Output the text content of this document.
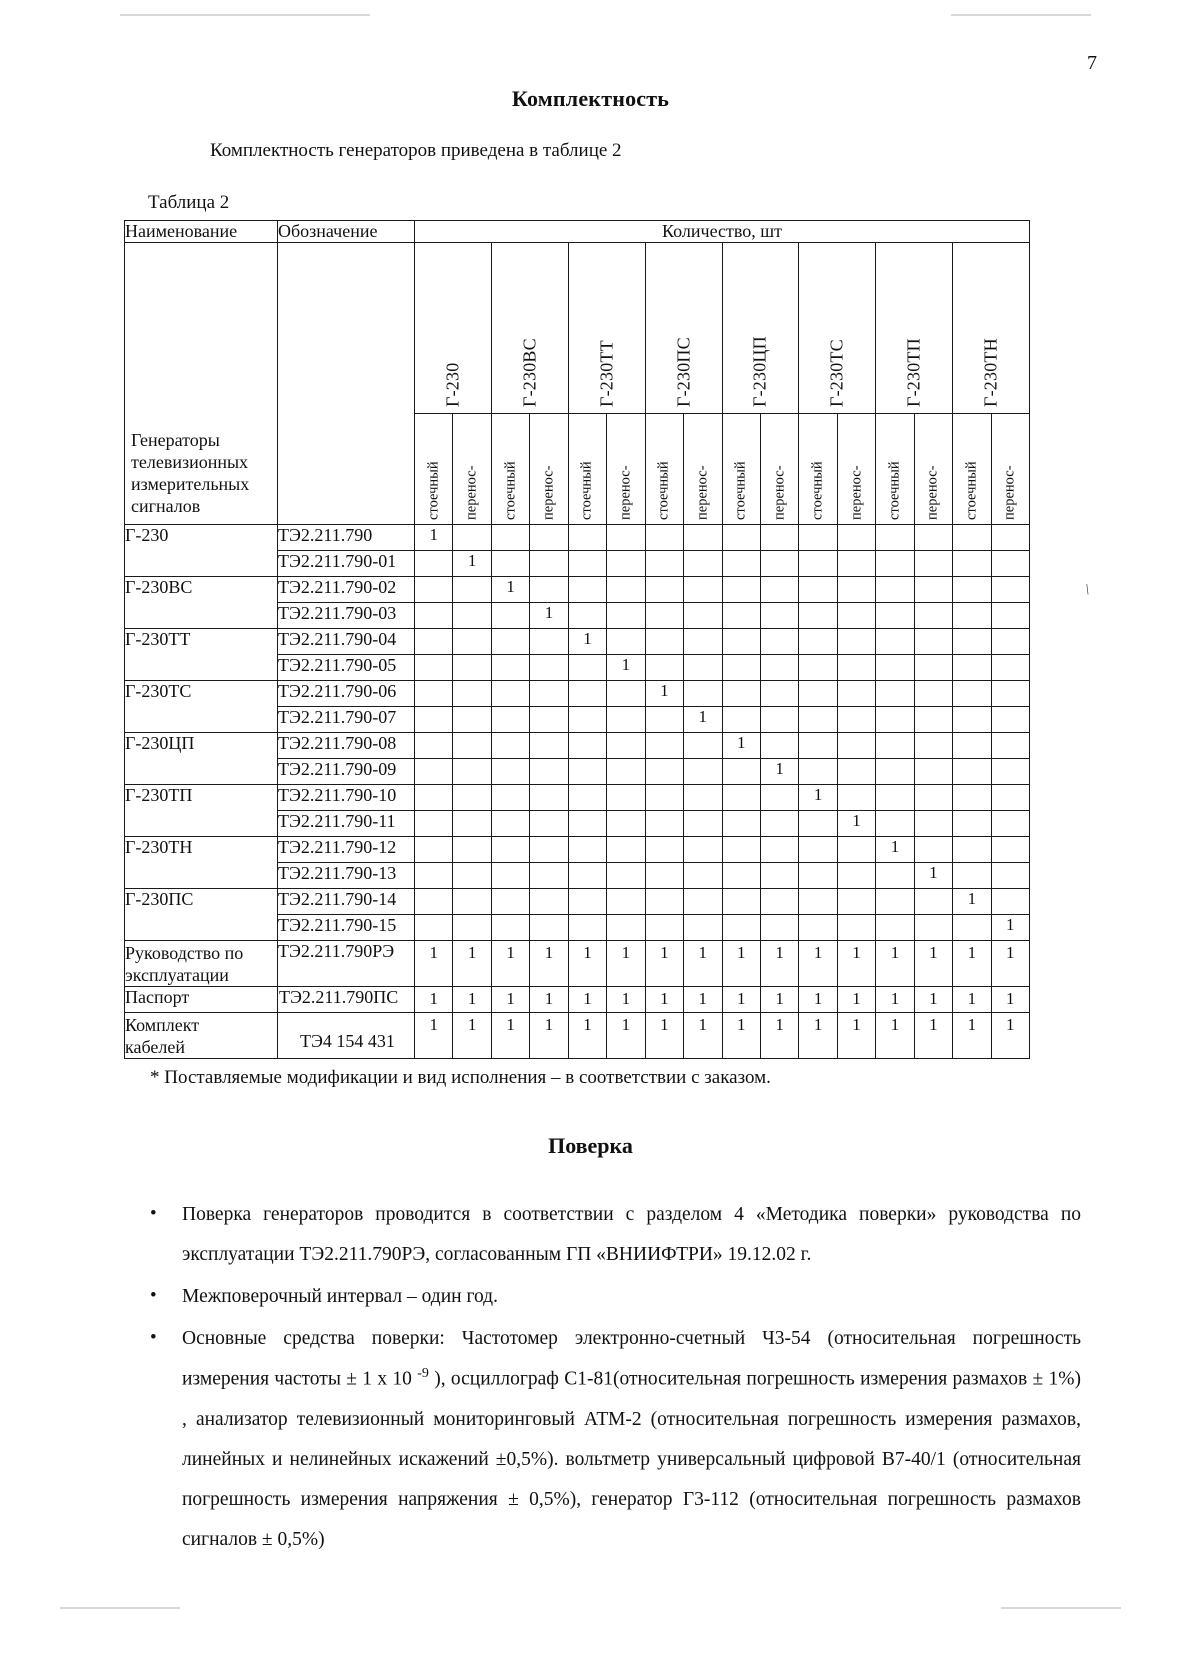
7
Комплектность

Комплектность генераторов приведена в таблице 2

Таблица 2

Наименование	Обозначение	Количество, шт															

Генераторы
телевизионных
измерительных
сигналов		Г-230		Г-230ВС		Г-230ТТ		Г-230ПС		Г-230ЦП		Г-230ТС		Г-230ТП		Г-230ТН	

		стоечный	перенос-	стоечный	перенос-	стоечный	перенос-	стоечный	перенос-	стоечный	перенос-	стоечный	перенос-	стоечный	перенос-	стоечный	перенос-

Г-230	ТЭ2.211.790	1															
	ТЭ2.211.790-01		1														
Г-230ВС	ТЭ2.211.790-02			1													
	ТЭ2.211.790-03				1												
Г-230ТТ	ТЭ2.211.790-04					1											
	ТЭ2.211.790-05						1										
Г-230ТС	ТЭ2.211.790-06							1									
	ТЭ2.211.790-07								1								
Г-230ЦП	ТЭ2.211.790-08									1							
	ТЭ2.211.790-09										1						
Г-230ТП	ТЭ2.211.790-10											1					
	ТЭ2.211.790-11												1				
Г-230ТН	ТЭ2.211.790-12													1			
	ТЭ2.211.790-13														1		
Г-230ПС	ТЭ2.211.790-14															1	
	ТЭ2.211.790-15																1

Руководство по
эксплуатации	ТЭ2.211.790РЭ	1	1	1	1	1	1	1	1	1	1	1	1	1	1	1	1

Паспорт	ТЭ2.211.790ПС	1	1	1	1	1	1	1	1	1	1	1	1	1	1	1	1

Комплект
кабелей	ТЭ4 154 431	1	1	1	1	1	1	1	1	1	1	1	1	1	1	1	1

* Поставляемые модификации и вид исполнения – в соответствии с заказом.

Поверка
• Поверка генераторов проводится в соответствии с разделом 4 «Методика поверки» руководства по эксплуатации ТЭ2.211.790РЭ, согласованным ГП «ВНИИФТРИ» 19.12.02 г.
• Межповерочный интервал – один год.
• Основные средства поверки: Частотомер электронно-счетный Ч3-54 (относительная погрешность измерения частоты ± 1 х 10 $^{-9}$ ), осциллограф С1-81(относительная погрешность измерения размахов ± 1%) , анализатор телевизионный мониторинговый АТМ-2 (относительная погрешность измерения размахов, линейных и нелинейных искажений ±0,5%). вольтметр универсальный цифровой В7-40/1 (относительная погрешность измерения напряжения ± 0,5%), генератор Г3-112 (относительная погрешность размахов сигналов ± 0,5%)
\
